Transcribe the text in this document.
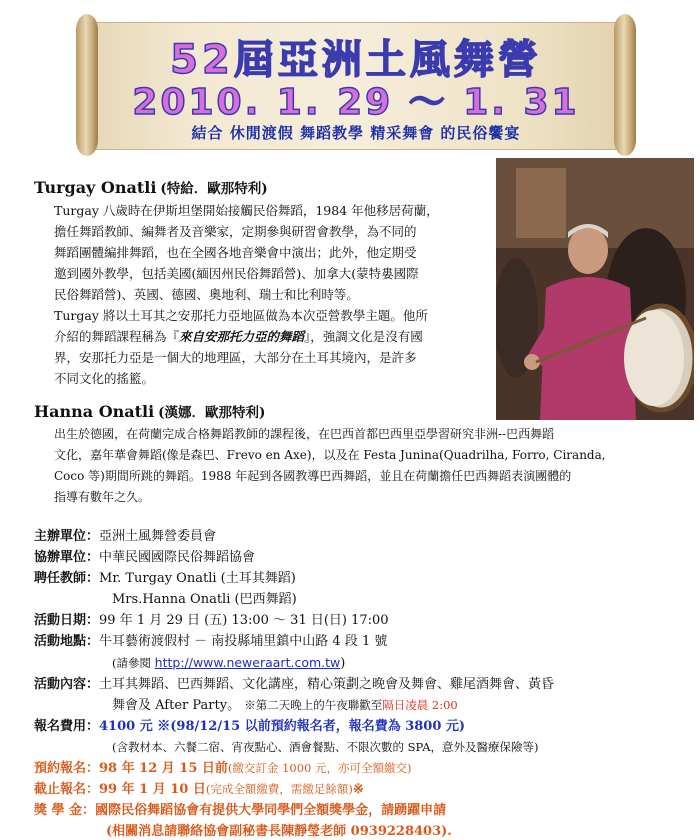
52屆亞洲土風舞營
2010. 1. 29 ～ 1. 31
結合 休閒渡假 舞蹈教學 精采舞會 的民俗饗宴
Turgay Onatli (特給．歐那特利)
Turgay 八歲時在伊斯坦堡開始接觸民俗舞蹈，1984 年他移居荷蘭，
擔任舞蹈教師、編舞者及音樂家，定期參與研習會教學，為不同的
舞蹈團體編排舞蹈，也在全國各地音樂會中演出；此外，他定期受
邀到國外教學，包括美國(緬因州民俗舞蹈營)、加拿大(蒙特婁國際
民俗舞蹈營)、英國、德國、奧地利、瑞士和比利時等。
Turgay 將以土耳其之安那托力亞地區做為本次亞營教學主題。他所
介紹的舞蹈課程稱為『來自安那托力亞的舞蹈』，強調文化是沒有國
界，安那托力亞是一個大的地理區，大部分在土耳其境內，是許多
不同文化的搖籃。
Hanna Onatli (漢娜．歐那特利)
出生於德國，在荷蘭完成合格舞蹈教師的課程後，在巴西首都巴西里亞學習研究非洲--巴西舞蹈
文化，嘉年華會舞蹈(像是森巴、Frevo en Axe)，以及在 Festa Junina(Quadrilha, Forro, Ciranda,
Coco 等)期間所跳的舞蹈。1988 年起到各國教導巴西舞蹈，並且在荷蘭擔任巴西舞蹈表演團體的
指導有數年之久。
主辦單位：亞洲土風舞營委員會
協辦單位：中華民國國際民俗舞蹈協會
聘任教師：Mr. Turgay Onatli (土耳其舞蹈)
Mrs.Hanna Onatli (巴西舞蹈)
活動日期：99 年 1 月 29 日 (五) 13:00 ～ 31 日(日) 17:00
活動地點：牛耳藝術渡假村 － 南投縣埔里鎮中山路 4 段 1 號
(請參閱 http://www.neweraart.com.tw)
活動內容：土耳其舞蹈、巴西舞蹈、文化講座，精心策劃之晚會及舞會、雞尾酒舞會、黃昏
舞會及 After Party。 ※第二天晚上的午夜聯歡至隔日凌晨 2:00
報名費用：4100 元 ※(98/12/15 以前預約報名者，報名費為 3800 元)
(含教材本、六餐二宿、宵夜點心、酒會餐點、不限次數的 SPA，意外及醫療保險等)
預約報名：98 年 12 月 15 日前(繳交訂金 1000 元，亦可全額繳交)
截止報名：99 年 1 月 10 日(完成全額繳費，需繳足餘額)※
獎 學 金：國際民俗舞蹈協會有提供大學同學們全額獎學金，請踴躍申請
(相關消息請聯絡協會副秘書長陳靜瑩老師 0939228403).
